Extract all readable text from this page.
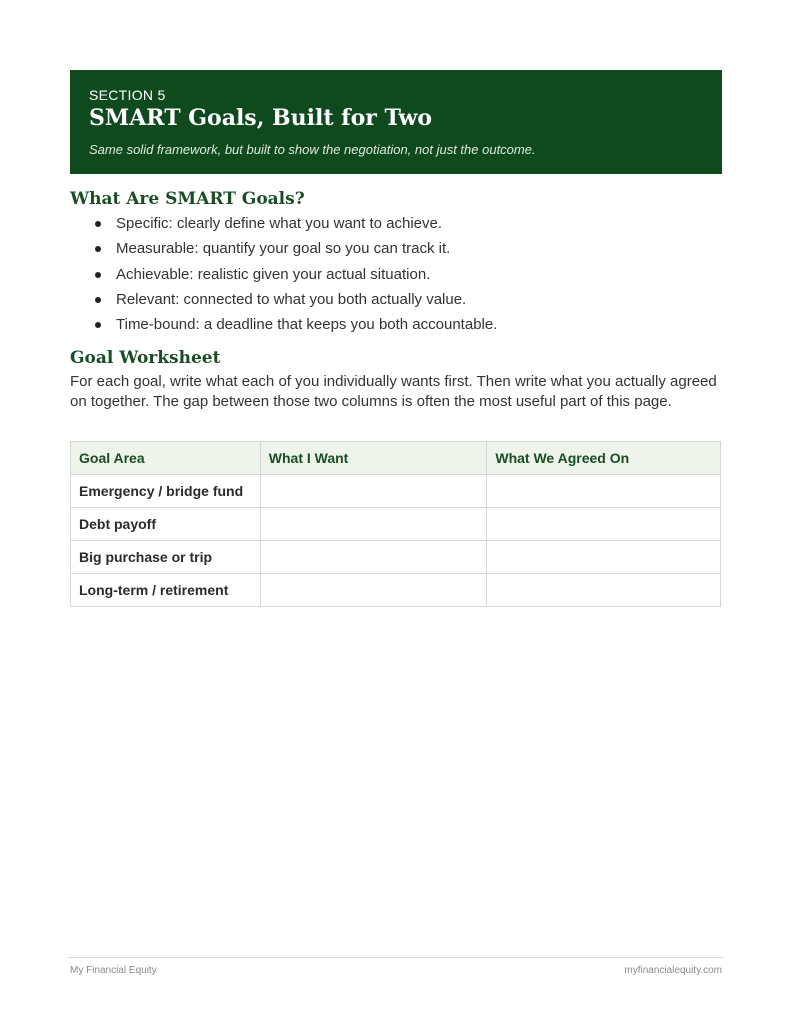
SECTION 5
SMART Goals, Built for Two
Same solid framework, but built to show the negotiation, not just the outcome.
What Are SMART Goals?
Specific: clearly define what you want to achieve.
Measurable: quantify your goal so you can track it.
Achievable: realistic given your actual situation.
Relevant: connected to what you both actually value.
Time-bound: a deadline that keeps you both accountable.
Goal Worksheet

For each goal, write what each of you individually wants first. Then write what you actually agreed on together. The gap between those two columns is often the most useful part of this page.

Goal Area	What I Want	What We Agreed On
Emergency / bridge fund		
Debt payoff		
Big purchase or trip		
Long-term / retirement		
My Financial Equity	myfinancialequity.com
